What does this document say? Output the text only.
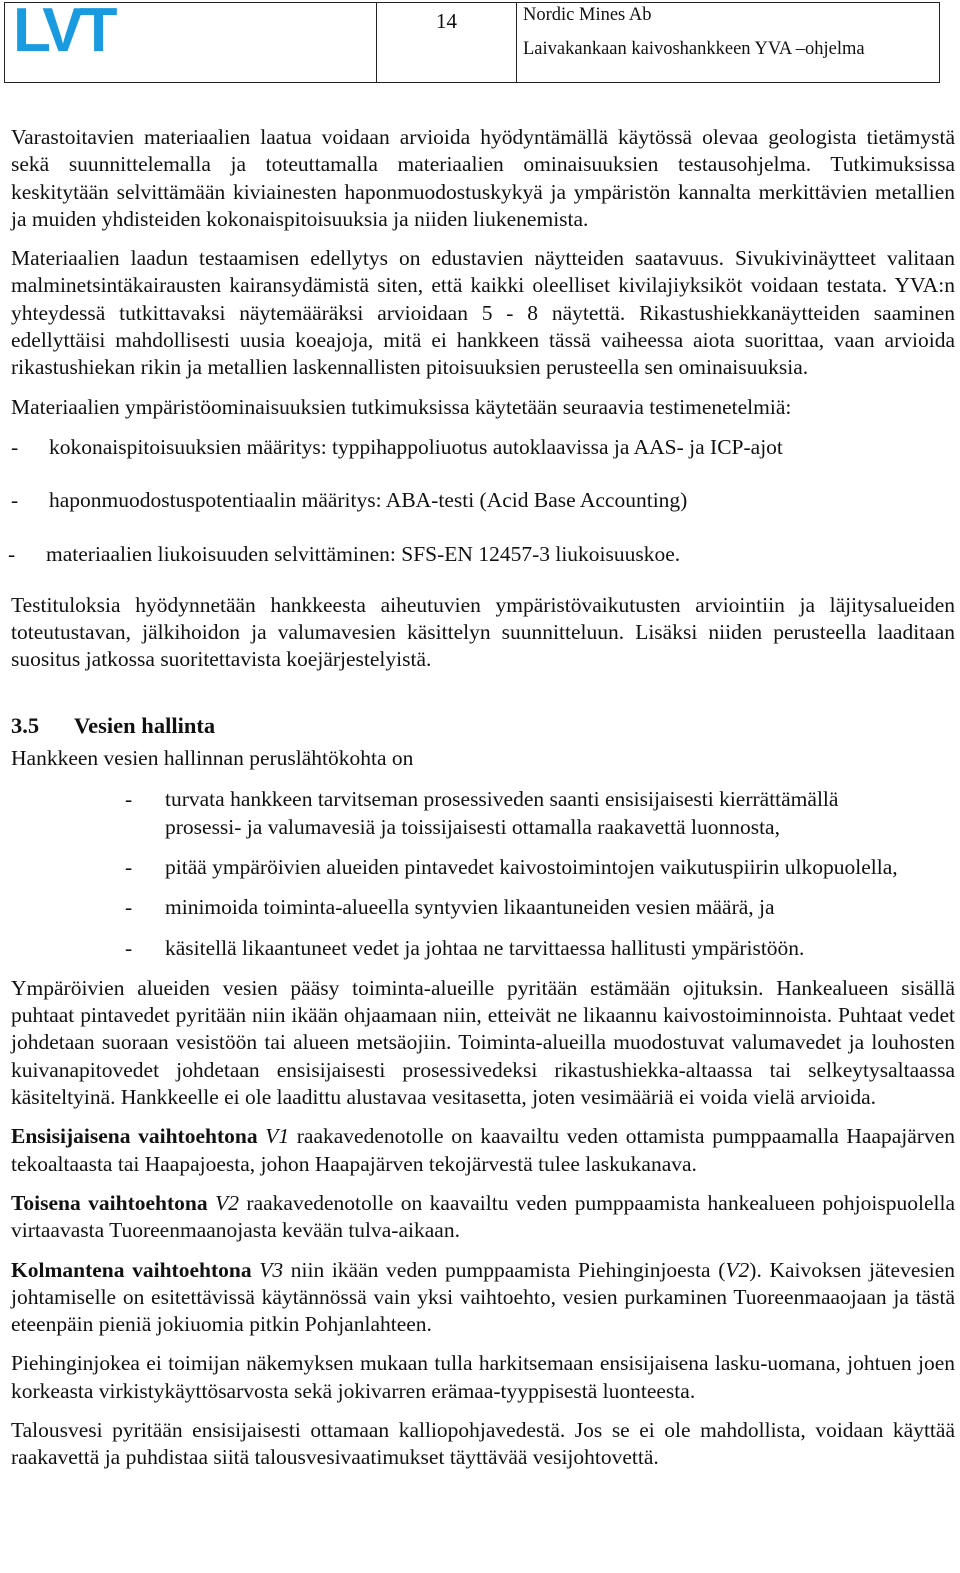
LVT	14	Nordic Mines Ab
Laivakankaan kaivoshankkeen YVA –ohjelma

Varastoitavien materiaalien laatua voidaan arvioida hyödyntämällä käytössä olevaa geologista tietämystä sekä suunnittelemalla ja toteuttamalla materiaalien ominaisuuksien testausohjelma. Tutkimuksissa keskitytään selvittämään kiviainesten haponmuodostuskykyä ja ympäristön kannalta merkittävien metallien ja muiden yhdisteiden kokonaispitoisuuksia ja niiden liukenemista.

Materiaalien laadun testaamisen edellytys on edustavien näytteiden saatavuus. Sivukivinäytteet valitaan malminetsintäkairausten kairansydämistä siten, että kaikki oleelliset kivilajiyksiköt voidaan testata. YVA:n yhteydessä tutkittavaksi näytemääräksi arvioidaan 5 - 8 näytettä. Rikastushiekkanäytteiden saaminen edellyttäisi mahdollisesti uusia koeajoja, mitä ei hankkeen tässä vaiheessa aiota suorittaa, vaan arvioida rikastushiekan rikin ja metallien laskennallisten pitoisuuksien perusteella sen ominaisuuksia.

Materiaalien ympäristöominaisuuksien tutkimuksissa käytetään seuraavia testimenetelmiä:

-	kokonaispitoisuuksien määritys: typpihappoliuotus autoklaavissa ja AAS- ja ICP-ajot
-	haponmuodostuspotentiaalin määritys: ABA-testi (Acid Base Accounting)
-	materiaalien liukoisuuden selvittäminen: SFS-EN 12457-3 liukoisuuskoe.

Testituloksia hyödynnetään hankkeesta aiheutuvien ympäristövaikutusten arviointiin ja läjitysalueiden toteutustavan, jälkihoidon ja valumavesien käsittelyn suunnitteluun. Lisäksi niiden perusteella laaditaan suositus jatkossa suoritettavista koejärjestelyistä.

3.5	Vesien hallinta

Hankkeen vesien hallinnan peruslähtökohta on

-	turvata hankkeen tarvitseman prosessiveden saanti ensisijaisesti kierrättämällä prosessi- ja valumavesiä ja toissijaisesti ottamalla raakavettä luonnosta,
-	pitää ympäröivien alueiden pintavedet kaivostoimintojen vaikutuspiirin ulkopuolella,
-	minimoida toiminta-alueella syntyvien likaantuneiden vesien määrä, ja
-	käsitellä likaantuneet vedet ja johtaa ne tarvittaessa hallitusti ympäristöön.

Ympäröivien alueiden vesien pääsy toiminta-alueille pyritään estämään ojituksin. Hankealueen sisällä puhtaat pintavedet pyritään niin ikään ohjaamaan niin, etteivät ne likaannu kaivostoiminnoista. Puhtaat vedet johdetaan suoraan vesistöön tai alueen metsäojiin. Toiminta-alueilla muodostuvat valumavedet ja louhosten kuivanapitovedet johdetaan ensisijaisesti prosessivedeksi rikastushiekka-altaassa tai selkeytysaltaassa käsiteltyinä. Hankkeelle ei ole laadittu alustavaa vesitasetta, joten vesimääriä ei voida vielä arvioida.

Ensisijaisena vaihtoehtona V1 raakavedenotolle on kaavailtu veden ottamista pumppaamalla Haapajärven tekoaltaasta tai Haapajoesta, johon Haapajärven tekojärvestä tulee laskukanava.

Toisena vaihtoehtona V2 raakavedenotolle on kaavailtu veden pumppaamista hankealueen pohjoispuolella virtaavasta Tuoreenmaanojasta kevään tulva-aikaan.

Kolmantena vaihtoehtona V3 niin ikään veden pumppaamista Piehinginjoesta (V2). Kaivoksen jätevesien johtamiselle on esitettävissä käytännössä vain yksi vaihtoehto, vesien purkaminen Tuoreenmaaojaan ja tästä eteenpäin pieniä jokiuomia pitkin Pohjanlahteen.

Piehinginjokea ei toimijan näkemyksen mukaan tulla harkitsemaan ensisijaisena lasku-uomana, johtuen joen korkeasta virkistykäyttösarvosta sekä jokivarren erämaa-tyyppisestä luonteesta.

Talousvesi pyritään ensisijaisesti ottamaan kalliopohjavedestä. Jos se ei ole mahdollista, voidaan käyttää raakavettä ja puhdistaa siitä talousvesivaatimukset täyttävää vesijohtovettä.
